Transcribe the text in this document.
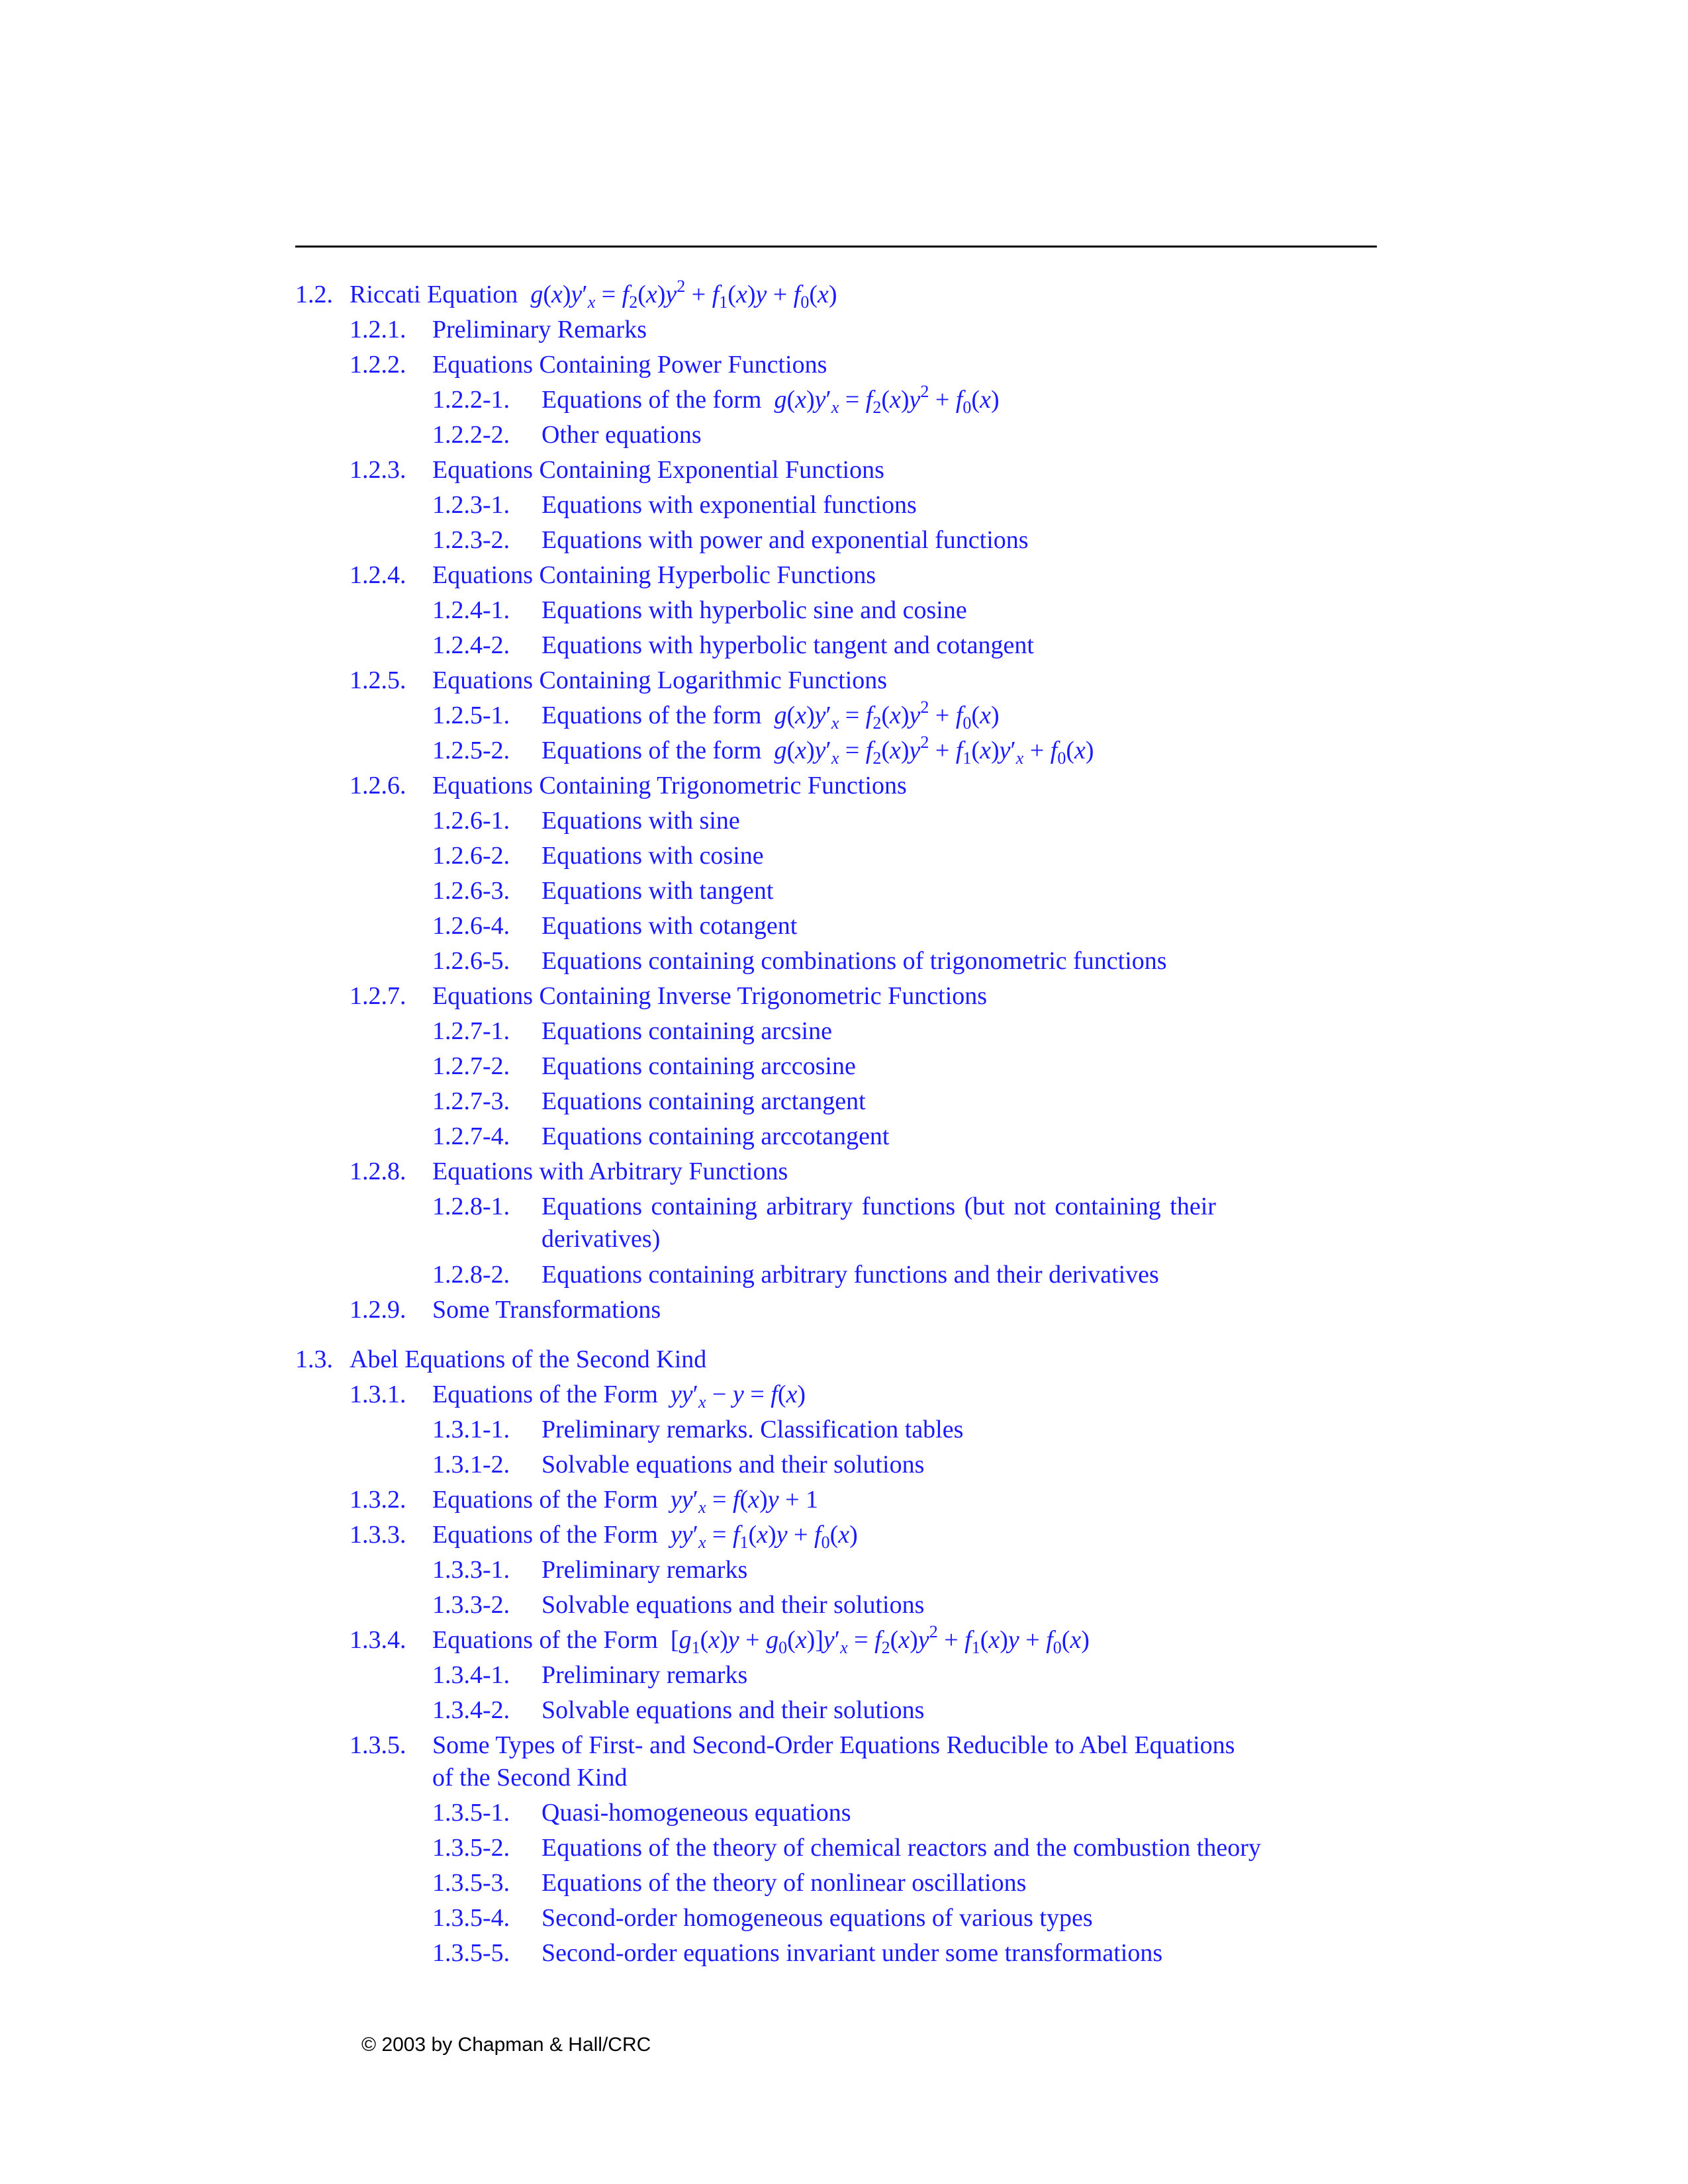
1.2. Riccati Equation $g(x)y'_x = f_2(x)y^2 + f_1(x)y + f_0(x)$
1.2.1. Preliminary Remarks
1.2.2. Equations Containing Power Functions
1.2.2-1. Equations of the form $g(x)y'_x = f_2(x)y^2 + f_0(x)$
1.2.2-2. Other equations
1.2.3. Equations Containing Exponential Functions
1.2.3-1. Equations with exponential functions
1.2.3-2. Equations with power and exponential functions
1.2.4. Equations Containing Hyperbolic Functions
1.2.4-1. Equations with hyperbolic sine and cosine
1.2.4-2. Equations with hyperbolic tangent and cotangent
1.2.5. Equations Containing Logarithmic Functions
1.2.5-1. Equations of the form $g(x)y'_x = f_2(x)y^2 + f_0(x)$
1.2.5-2. Equations of the form $g(x)y'_x = f_2(x)y^2 + f_1(x)y'_x + f_0(x)$
1.2.6. Equations Containing Trigonometric Functions
1.2.6-1. Equations with sine
1.2.6-2. Equations with cosine
1.2.6-3. Equations with tangent
1.2.6-4. Equations with cotangent
1.2.6-5. Equations containing combinations of trigonometric functions
1.2.7. Equations Containing Inverse Trigonometric Functions
1.2.7-1. Equations containing arcsine
1.2.7-2. Equations containing arccosine
1.2.7-3. Equations containing arctangent
1.2.7-4. Equations containing arccotangent
1.2.8. Equations with Arbitrary Functions
1.2.8-1. Equations containing arbitrary functions (but not containing their
derivatives)
1.2.8-2. Equations containing arbitrary functions and their derivatives
1.2.9. Some Transformations
1.3. Abel Equations of the Second Kind
1.3.1. Equations of the Form $yy'_x - y = f(x)$
1.3.1-1. Preliminary remarks. Classification tables
1.3.1-2. Solvable equations and their solutions
1.3.2. Equations of the Form $yy'_x = f(x)y + 1$
1.3.3. Equations of the Form $yy'_x = f_1(x)y + f_0(x)$
1.3.3-1. Preliminary remarks
1.3.3-2. Solvable equations and their solutions
1.3.4. Equations of the Form $[g_1(x)y + g_0(x)]y'_x = f_2(x)y^2 + f_1(x)y + f_0(x)$
1.3.4-1. Preliminary remarks
1.3.4-2. Solvable equations and their solutions
1.3.5. Some Types of First- and Second-Order Equations Reducible to Abel Equations
of the Second Kind
1.3.5-1. Quasi-homogeneous equations
1.3.5-2. Equations of the theory of chemical reactors and the combustion theory
1.3.5-3. Equations of the theory of nonlinear oscillations
1.3.5-4. Second-order homogeneous equations of various types
1.3.5-5. Second-order equations invariant under some transformations
© 2003 by Chapman & Hall/CRC
